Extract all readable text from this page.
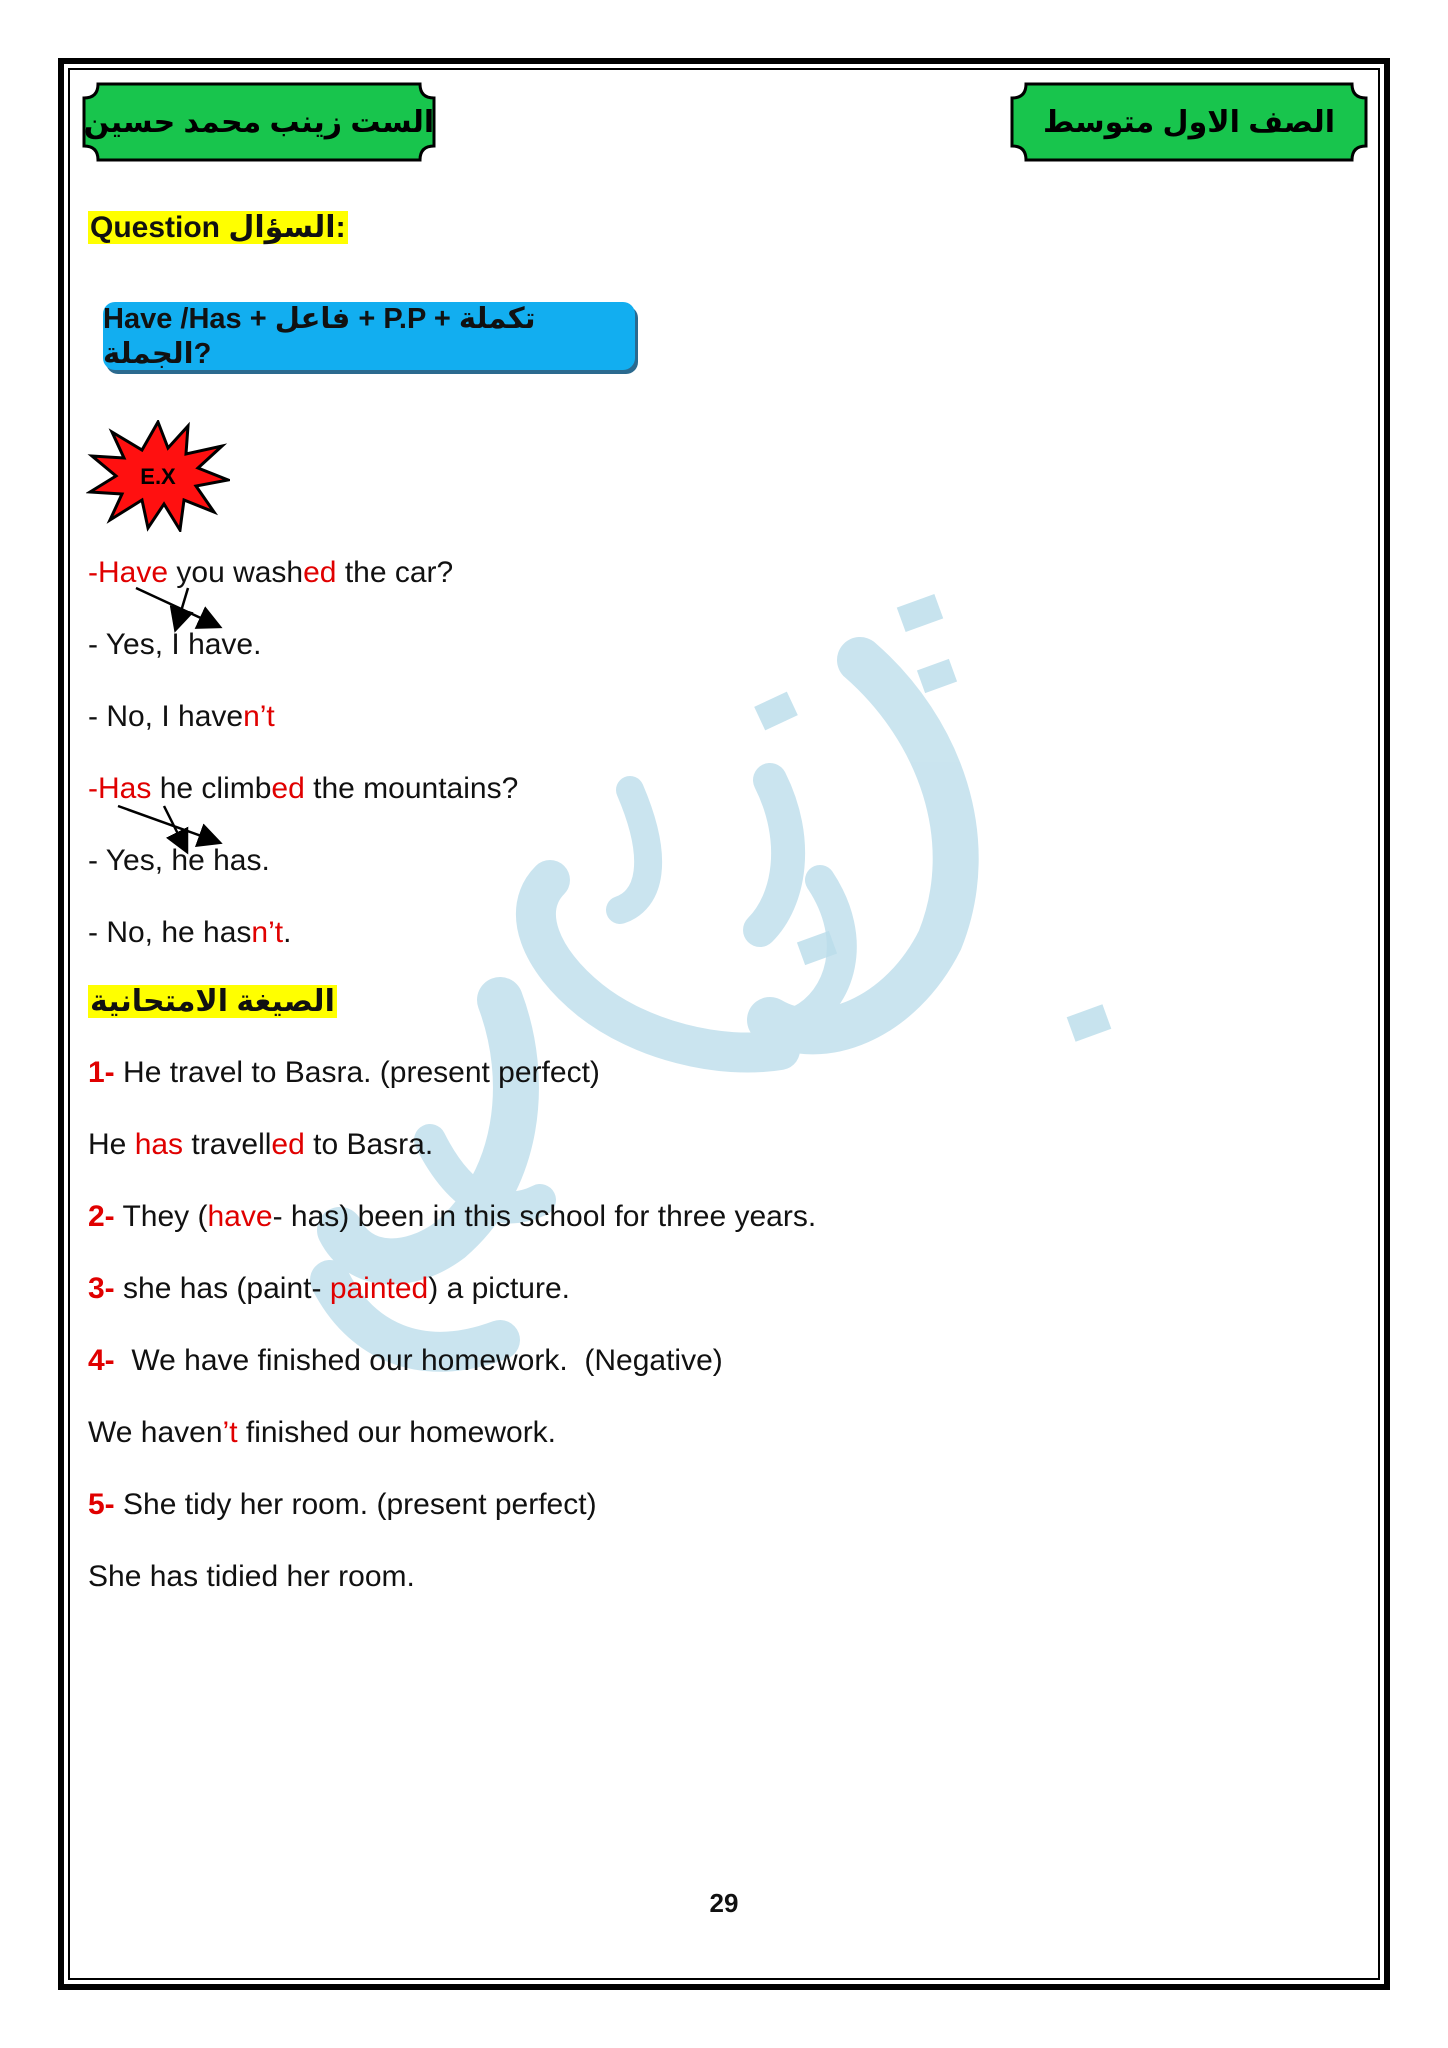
الست زينب محمد حسين	الصف الاول متوسط
Question السؤال:
Have /Has + فاعل + P.P + تكملة الجملة?
E.X
-Have you washed the car?
- Yes, I have.
- No, I haven’t
-Has he climbed the mountains?
- Yes, he has.
- No, he hasn’t.
الصيغة الامتحانية
1- He travel to Basra. (present perfect)
He has travelled to Basra.
2- They (have- has) been in this school for three years.
3- she has (paint- painted) a picture.
4-  We have finished our homework.  (Negative)
We haven’t finished our homework.
5- She tidy her room. (present perfect)
She has tidied her room.
29
